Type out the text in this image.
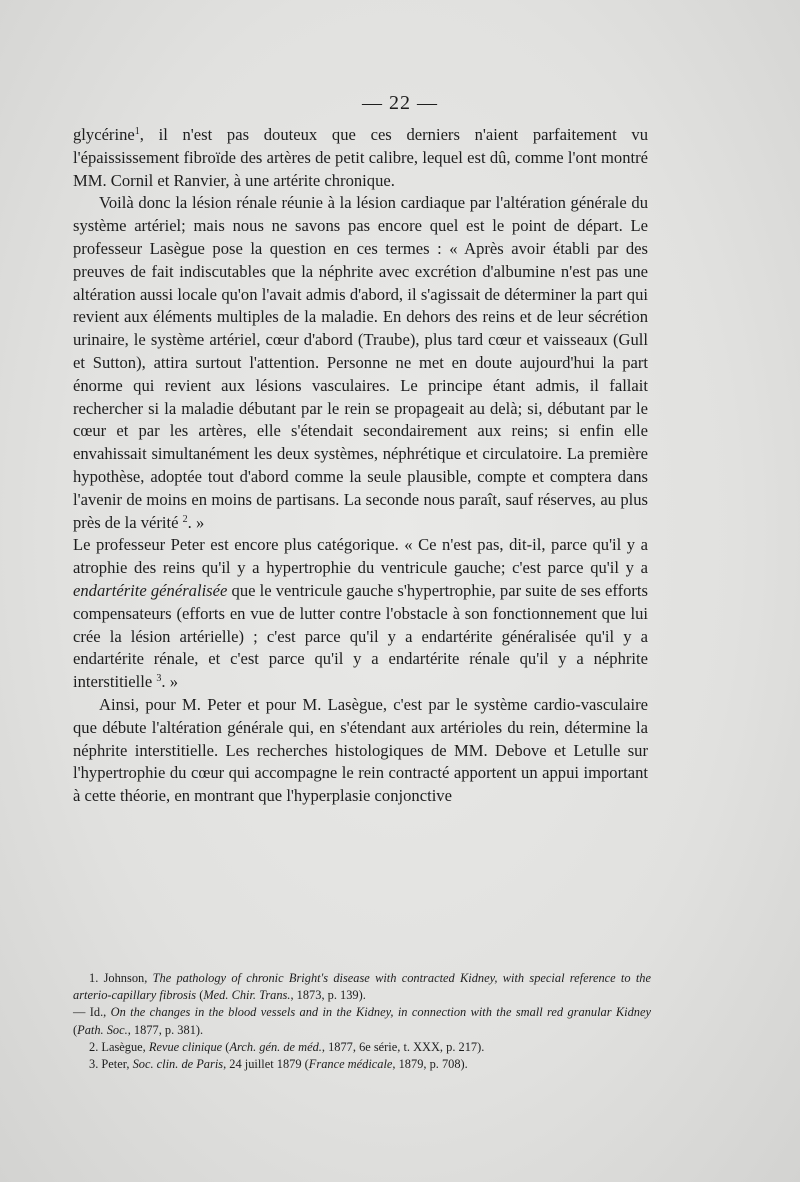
— 22 —

glycérine$^1$, il n'est pas douteux que ces derniers n'aient parfaitement vu l'épaississement fibroïde des artères de petit calibre, lequel est dû, comme l'ont montré MM. Cornil et Ranvier, à une artérite chronique.

Voilà donc la lésion rénale réunie à la lésion cardiaque par l'altération générale du système artériel; mais nous ne savons pas encore quel est le point de départ. Le professeur Lasègue pose la question en ces termes : « Après avoir établi par des preuves de fait indiscutables que la néphrite avec excrétion d'albumine n'est pas une altération aussi locale qu'on l'avait admis d'abord, il s'agissait de déterminer la part qui revient aux éléments multiples de la maladie. En dehors des reins et de leur sécrétion urinaire, le système artériel, cœur d'abord (Traube), plus tard cœur et vaisseaux (Gull et Sutton), attira surtout l'attention. Personne ne met en doute aujourd'hui la part énorme qui revient aux lésions vasculaires. Le principe étant admis, il fallait rechercher si la maladie débutant par le rein se propageait au delà; si, débutant par le cœur et par les artères, elle s'étendait secondairement aux reins; si enfin elle envahissait simultanément les deux systèmes, néphrétique et circulatoire. La première hypothèse, adoptée tout d'abord comme la seule plausible, compte et comptera dans l'avenir de moins en moins de partisans. La seconde nous paraît, sauf réserves, au plus près de la vérité $^2$. »

Le professeur Peter est encore plus catégorique. « Ce n'est pas, dit-il, parce qu'il y a atrophie des reins qu'il y a hypertrophie du ventricule gauche; c'est parce qu'il y a endartérite généralisée que le ventricule gauche s'hypertrophie, par suite de ses efforts compensateurs (efforts en vue de lutter contre l'obstacle à son fonctionnement que lui crée la lésion artérielle) ; c'est parce qu'il y a endartérite généralisée qu'il y a endartérite rénale, et c'est parce qu'il y a endartérite rénale qu'il y a néphrite interstitielle $^3$. »

Ainsi, pour M. Peter et pour M. Lasègue, c'est par le système cardio-vasculaire que débute l'altération générale qui, en s'étendant aux artérioles du rein, détermine la néphrite interstitielle. Les recherches histologiques de MM. Debove et Letulle sur l'hypertrophie du cœur qui accompagne le rein contracté apportent un appui important à cette théorie, en montrant que l'hyperplasie conjonctive

1. Johnson, The pathology of chronic Bright's disease with contracted Kidney, with special reference to the arterio-capillary fibrosis (Med. Chir. Trans., 1873, p. 139).

— Id., On the changes in the blood vessels and in the Kidney, in connection with the small red granular Kidney (Path. Soc., 1877, p. 381).

2. Lasègue, Revue clinique (Arch. gén. de méd., 1877, 6e série, t. XXX, p. 217).

3. Peter, Soc. clin. de Paris, 24 juillet 1879 (France médicale, 1879, p. 708).
